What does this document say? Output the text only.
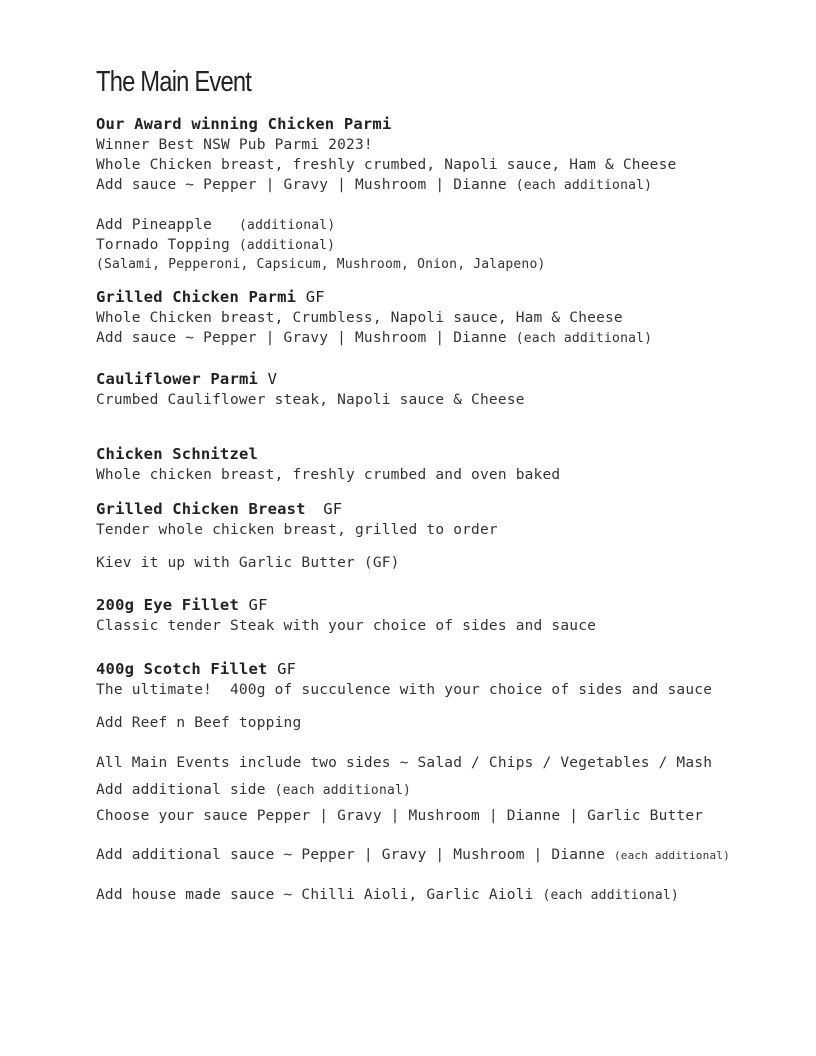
The Main Event
Our Award winning Chicken Parmi
Winner Best NSW Pub Parmi 2023!
Whole Chicken breast, freshly crumbed, Napoli sauce, Ham & Cheese
Add sauce ~ Pepper | Gravy | Mushroom | Dianne (each additional)
Add Pineapple (additional)
Tornado Topping (additional)
(Salami, Pepperoni, Capsicum, Mushroom, Onion, Jalapeno)
Grilled Chicken Parmi GF
Whole Chicken breast, Crumbless, Napoli sauce, Ham & Cheese
Add sauce ~ Pepper | Gravy | Mushroom | Dianne (each additional)
Cauliflower Parmi V
Crumbed Cauliflower steak, Napoli sauce & Cheese
Chicken Schnitzel
Whole chicken breast, freshly crumbed and oven baked
Grilled Chicken Breast GF
Tender whole chicken breast, grilled to order
Kiev it up with Garlic Butter (GF)
200g Eye Fillet GF
Classic tender Steak with your choice of sides and sauce
400g Scotch Fillet GF
The ultimate!  400g of succulence with your choice of sides and sauce
Add Reef n Beef topping
All Main Events include two sides ~ Salad / Chips / Vegetables / Mash
Add additional side (each additional)
Choose your sauce Pepper | Gravy | Mushroom | Dianne | Garlic Butter
Add additional sauce ~ Pepper | Gravy | Mushroom | Dianne (each additional)
Add house made sauce ~ Chilli Aioli, Garlic Aioli (each additional)
